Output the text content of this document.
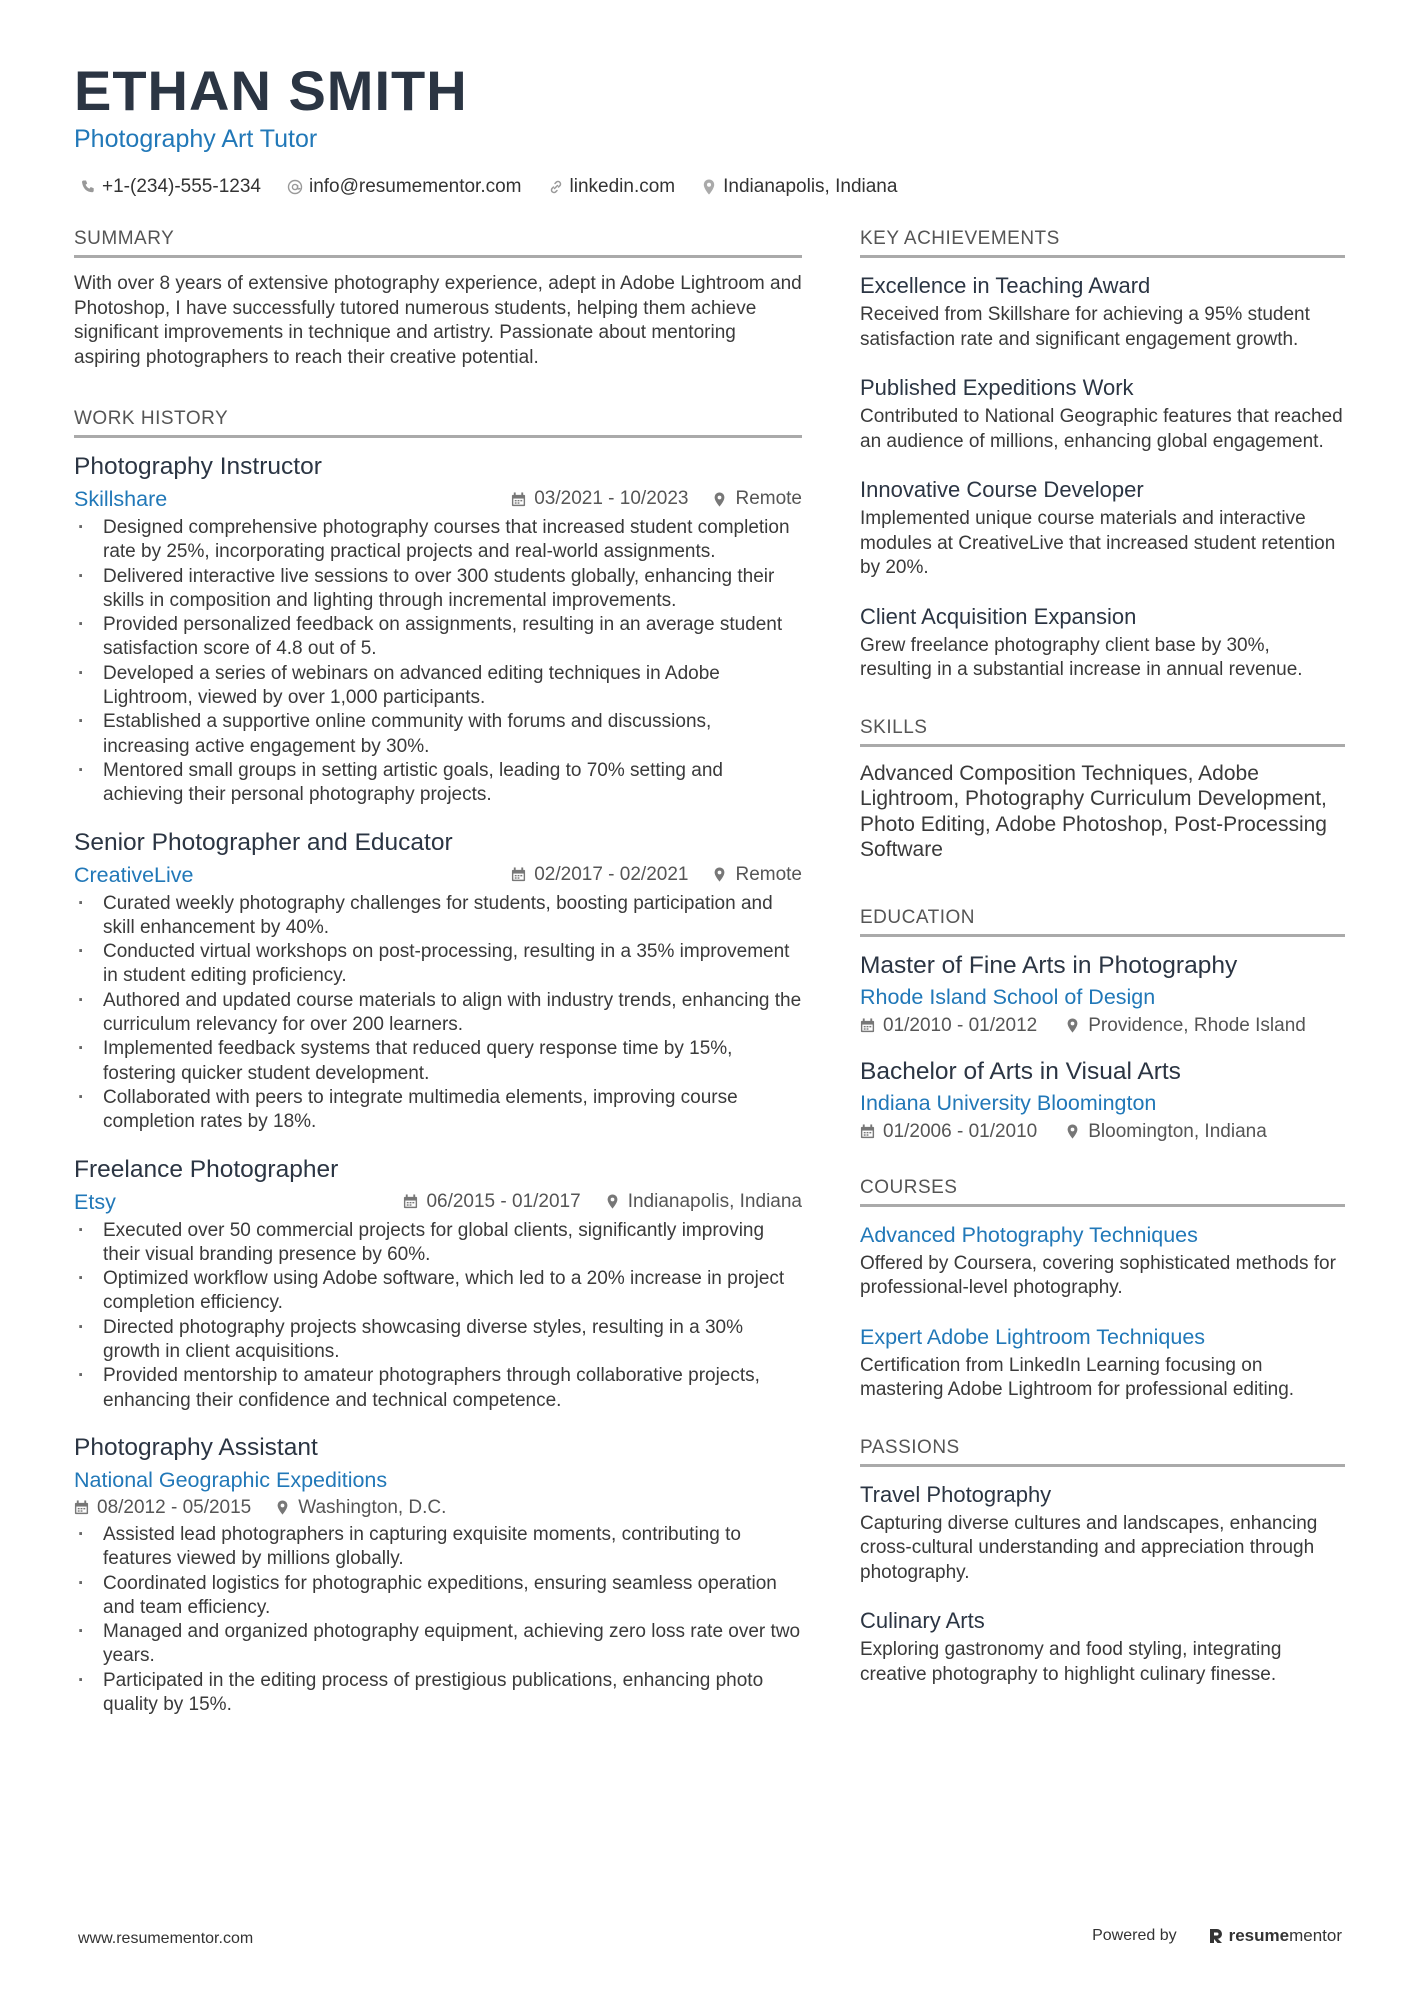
ETHAN SMITH
Photography Art Tutor
+1-(234)-555-1234	info@resumementor.com	linkedin.com	Indianapolis, Indiana
SUMMARY
With over 8 years of extensive photography experience, adept in Adobe Lightroom and Photoshop, I have successfully tutored numerous students, helping them achieve significant improvements in technique and artistry. Passionate about mentoring aspiring photographers to reach their creative potential.
WORK HISTORY
Photography Instructor
Skillshare	03/2021 - 10/2023 Remote
· Designed comprehensive photography courses that increased student completion rate by 25%, incorporating practical projects and real-world assignments.
· Delivered interactive live sessions to over 300 students globally, enhancing their skills in composition and lighting through incremental improvements.
· Provided personalized feedback on assignments, resulting in an average student satisfaction score of 4.8 out of 5.
· Developed a series of webinars on advanced editing techniques in Adobe Lightroom, viewed by over 1,000 participants.
· Established a supportive online community with forums and discussions, increasing active engagement by 30%.
· Mentored small groups in setting artistic goals, leading to 70% setting and achieving their personal photography projects.
Senior Photographer and Educator
CreativeLive	02/2017 - 02/2021 Remote
· Curated weekly photography challenges for students, boosting participation and skill enhancement by 40%.
· Conducted virtual workshops on post-processing, resulting in a 35% improvement in student editing proficiency.
· Authored and updated course materials to align with industry trends, enhancing the curriculum relevancy for over 200 learners.
· Implemented feedback systems that reduced query response time by 15%, fostering quicker student development.
· Collaborated with peers to integrate multimedia elements, improving course completion rates by 18%.
Freelance Photographer
Etsy	06/2015 - 01/2017 Indianapolis, Indiana
· Executed over 50 commercial projects for global clients, significantly improving their visual branding presence by 60%.
· Optimized workflow using Adobe software, which led to a 20% increase in project completion efficiency.
· Directed photography projects showcasing diverse styles, resulting in a 30% growth in client acquisitions.
· Provided mentorship to amateur photographers through collaborative projects, enhancing their confidence and technical competence.
Photography Assistant
National Geographic Expeditions
08/2012 - 05/2015 Washington, D.C.
· Assisted lead photographers in capturing exquisite moments, contributing to features viewed by millions globally.
· Coordinated logistics for photographic expeditions, ensuring seamless operation and team efficiency.
· Managed and organized photography equipment, achieving zero loss rate over two years.
· Participated in the editing process of prestigious publications, enhancing photo quality by 15%.
KEY ACHIEVEMENTS
Excellence in Teaching Award
Received from Skillshare for achieving a 95% student satisfaction rate and significant engagement growth.
Published Expeditions Work
Contributed to National Geographic features that reached an audience of millions, enhancing global engagement.
Innovative Course Developer
Implemented unique course materials and interactive modules at CreativeLive that increased student retention by 20%.
Client Acquisition Expansion
Grew freelance photography client base by 30%, resulting in a substantial increase in annual revenue.
SKILLS
Advanced Composition Techniques, Adobe Lightroom, Photography Curriculum Development, Photo Editing, Adobe Photoshop, Post-Processing Software
EDUCATION
Master of Fine Arts in Photography
Rhode Island School of Design
01/2010 - 01/2012	Providence, Rhode Island
Bachelor of Arts in Visual Arts
Indiana University Bloomington
01/2006 - 01/2010	Bloomington, Indiana
COURSES
Advanced Photography Techniques
Offered by Coursera, covering sophisticated methods for professional-level photography.
Expert Adobe Lightroom Techniques
Certification from LinkedIn Learning focusing on mastering Adobe Lightroom for professional editing.
PASSIONS
Travel Photography
Capturing diverse cultures and landscapes, enhancing cross-cultural understanding and appreciation through photography.
Culinary Arts
Exploring gastronomy and food styling, integrating creative photography to highlight culinary finesse.
www.resumementor.com	Powered by	resumementor
